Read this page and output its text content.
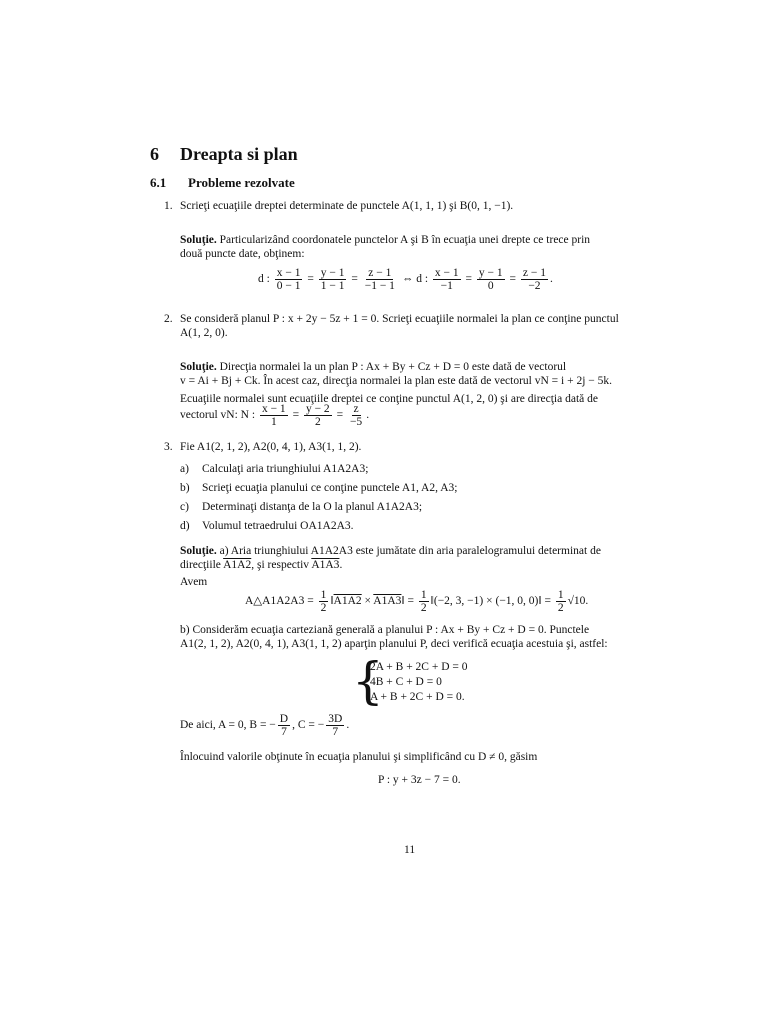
6 Dreapta si plan
6.1 Probleme rezolvate
1. Scrieţi ecuaţiile dreptei determinate de punctele A(1, 1, 1) şi B(0, 1, −1).
Soluţie. Particularizând coordonatele punctelor A şi B în ecuaţia unei drepte ce trece prin
două puncte date, obţinem:
d : $\frac{x - 1}{0 - 1} = \frac{y - 1}{1 - 1} = \frac{z - 1}{-1 - 1}$ ⇔ d : $\frac{x - 1}{-1} = \frac{y - 1}{0} = \frac{z - 1}{-2}$ .
2. Se consideră planul P : x + 2y − 5z + 1 = 0. Scrieţi ecuaţiile normalei la plan ce conţine punctul
A(1, 2, 0).
Soluţie. Direcţia normalei la un plan P : Ax + By + Cz + D = 0 este dată de vectorul
v = Ai + Bj + Ck. În acest caz, direcţia normalei la plan este dată de vectorul vN = i + 2j − 5k.
Ecuaţiile normalei sunt ecuaţiile dreptei ce conţine punctul A(1, 2, 0) şi are direcţia dată de
vectorul vN: N : $\frac{x - 1}{1} = \frac{y - 2}{2} = \frac{z}{-5}$ .
3. Fie A1(2, 1, 2), A2(0, 4, 1), A3(1, 1, 2).
a) Calculaţi aria triunghiului A1A2A3;
b) Scrieţi ecuaţia planului ce conţine punctele A1, A2, A3;
c) Determinaţi distanţa de la O la planul A1A2A3;
d) Volumul tetraedrului OA1A2A3.
Soluţie. a) Aria triunghiului A1A2A3 este jumătate din aria paralelogramului determinat de
direcţiile A1A2, şi respectiv A1A3.
Avem
A△A1A2A3 = $\frac{1}{2}$ ‖A1A2 × A1A3‖ = $\frac{1}{2}$ ‖(−2, 3, −1) × (−1, 0, 0)‖ = $\frac{1}{2} √10$.
b) Considerăm ecuaţia carteziană generală a planului P : Ax + By + Cz + D = 0. Punctele
A1(2, 1, 2), A2(0, 4, 1), A3(1, 1, 2) aparţin planului P, deci verifică ecuaţia acestuia şi, astfel:
{
2A + B + 2C + D = 0
4B + C + D = 0
A + B + 2C + D = 0.
De aici, A = 0, B = − $\frac{D}{7}$ , C = − $\frac{3D}{7}$ .
Înlocuind valorile obţinute în ecuaţia planului şi simplificând cu D ≠ 0, găsim
P : y + 3z − 7 = 0.
11
